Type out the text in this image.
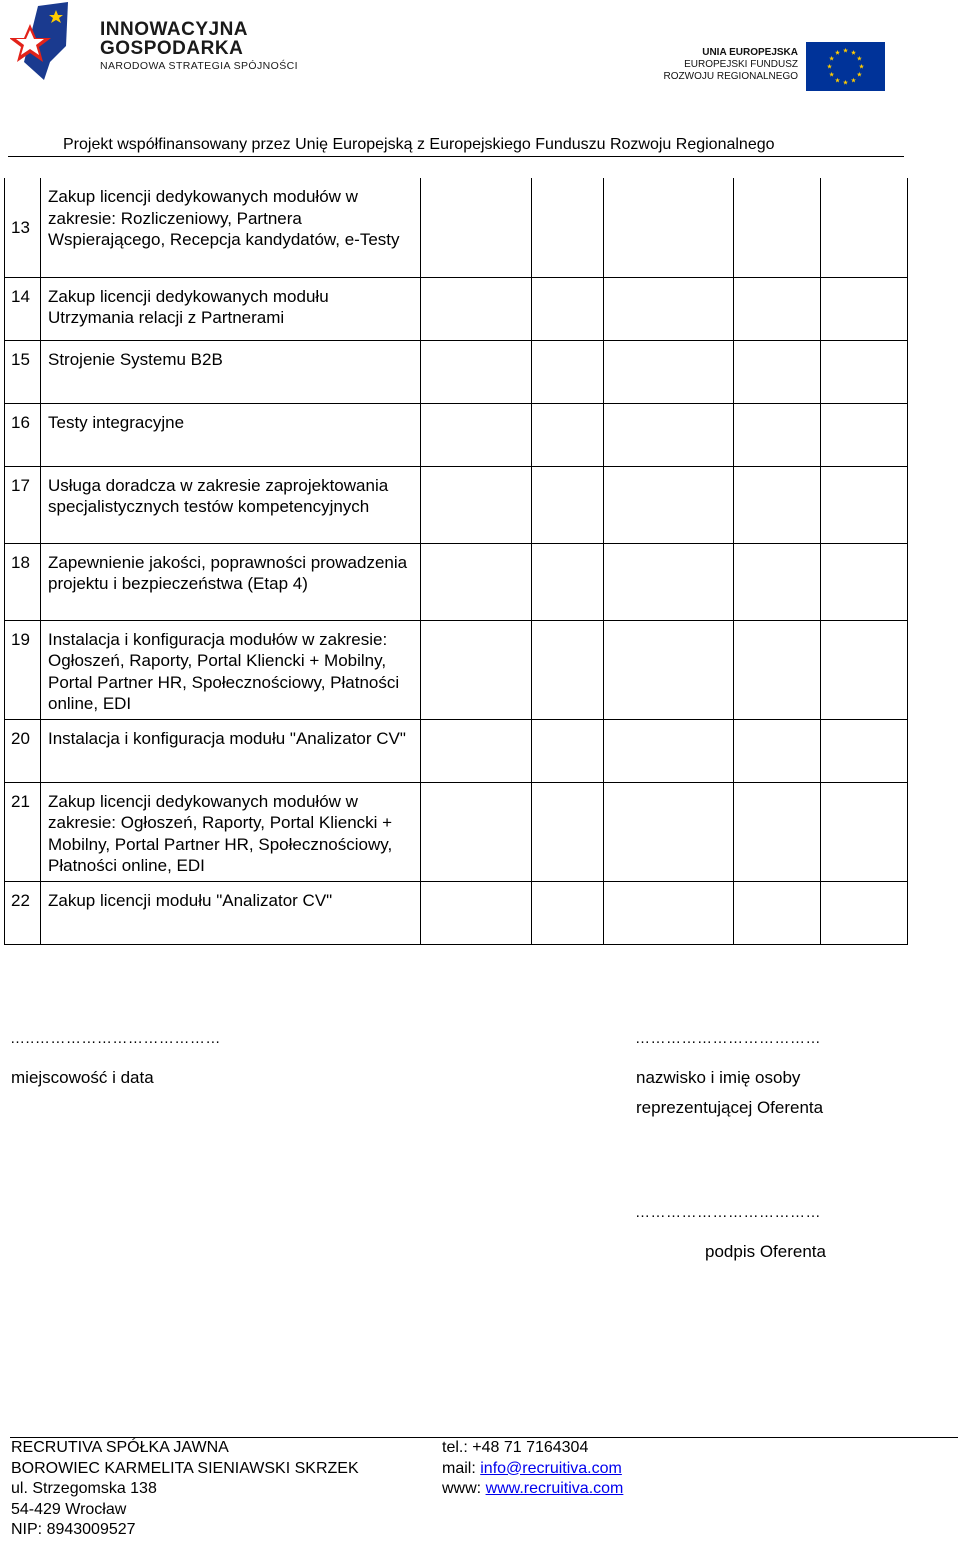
INNOWACYJNA
GOSPODARKA
NARODOWA STRATEGIA SPÓJNOŚCI
UNIA EUROPEJSKA
EUROPEJSKI FUNDUSZ
ROZWOJU REGIONALNEGO
Projekt współfinansowany przez Unię Europejską z Europejskiego Funduszu Rozwoju Regionalnego
13	Zakup licencji dedykowanych modułów w zakresie: Rozliczeniowy, Partnera Wspierającego, Recepcja kandydatów, e-Testy					
14	Zakup licencji dedykowanych modułu Utrzymania relacji z Partnerami					
15	Strojenie Systemu B2B					
16	Testy integracyjne					
17	Usługa doradcza w zakresie zaprojektowania specjalistycznych testów kompetencyjnych					
18	Zapewnienie jakości, poprawności prowadzenia projektu i bezpieczeństwa (Etap 4)					
19	Instalacja i konfiguracja modułów w zakresie: Ogłoszeń, Raporty, Portal Kliencki + Mobilny, Portal Partner HR, Społecznościowy, Płatności online, EDI					
20	Instalacja i konfiguracja modułu "Analizator CV"					
21	Zakup licencji dedykowanych modułów w zakresie: Ogłoszeń, Raporty, Portal Kliencki + Mobilny, Portal Partner HR, Społecznościowy, Płatności online, EDI					
22	Zakup licencji modułu "Analizator CV"					
…..………………………………
miejscowość i data
………………………………
nazwisko i imię osoby
reprezentującej Oferenta
………………………………
podpis Oferenta
RECRUTIVA SPÓŁKA JAWNA
BOROWIEC KARMELITA SIENIAWSKI SKRZEK
ul. Strzegomska 138
54-429 Wrocław
NIP: 8943009527
tel.: +48 71 7164304
mail: info@recruitiva.com
www: www.recruitiva.com
